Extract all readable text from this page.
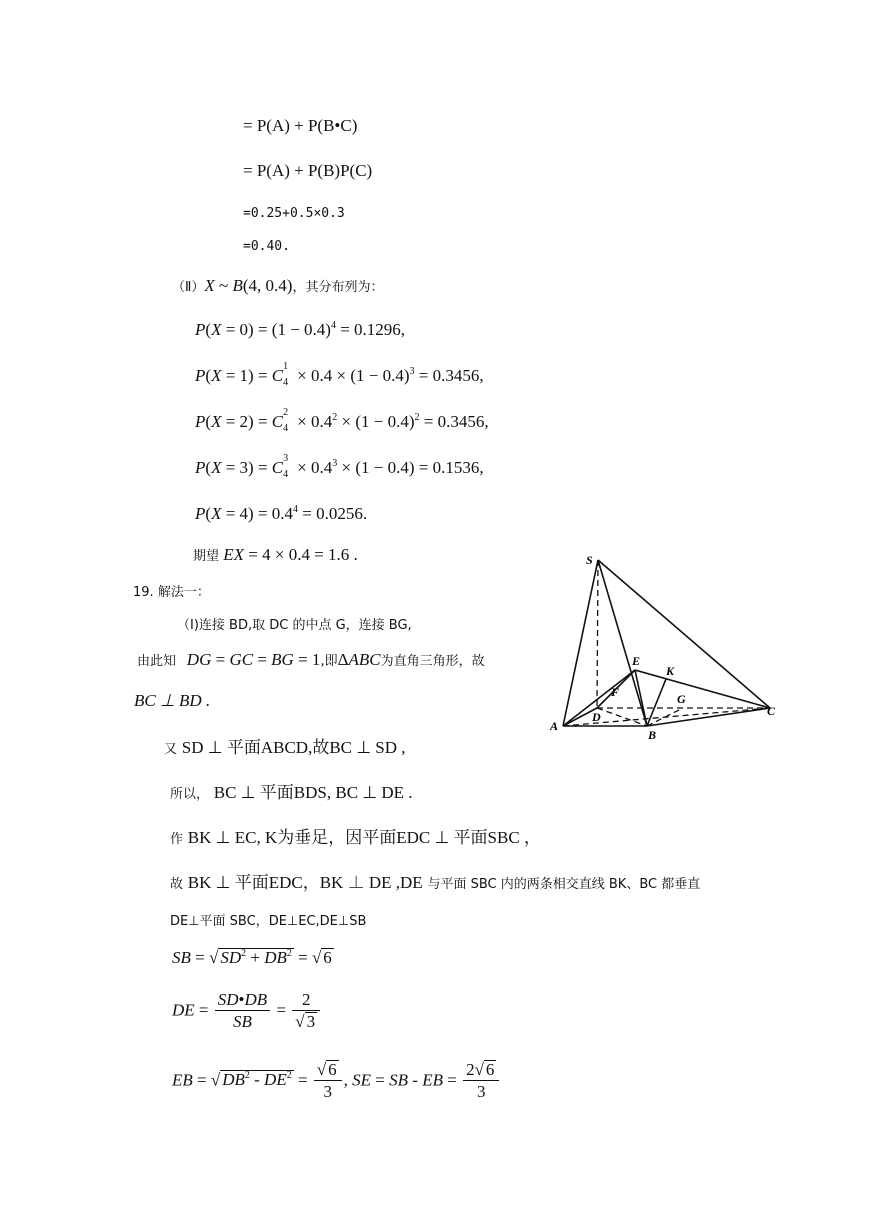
= P(A) + P(B•C)
= P(A) + P(B)P(C)
=0.25+0.5×0.3
=0.40.
（Ⅱ）X ~ B(4, 0.4)，其分布列为：
$P(X = 0) = (1 - 0.4)^4 = 0.1296$,
P(X = 1) = C 1
$4 \times 0.4 \times (1 - 0.4)^3 = 0.3456$,
P(X = 2) = C 2
$4 \times 0.4^2 \times (1 - 0.4)^2 = 0.3456$,
P(X = 3) = C 3
$4 \times 0.4^3 \times (1 - 0.4) = 0.1536$,
$P(X = 4) = 0.4^4 = 0.0256$.
期望 EX = 4 × 0.4 = 1.6 .
19. 解法一：
（Ⅰ)连接 BD,取 DC 的中点 G，连接 BG,
由此知 DG = GC = BG = 1,即ΔABC为直角三角形，故
BC ⊥ BD .
又 SD ⊥ 平面ABCD,故BC ⊥ SD ,
所以， BC ⊥ 平面BDS, BC ⊥ DE .
作 BK ⊥ EC, K为垂足，因平面EDC ⊥ 平面SBC ，
故 BK ⊥ 平面EDC，BK ⊥ DE ,DE 与平面 SBC 内的两条相交直线 BK、BC 都垂直
DE⊥平面 SBC，DE⊥EC,DE⊥SB
SB = √ $SD^2 + DB^2$ = √ 6
DE = $\frac{SD•DB}{SB} = \frac{2}{√ 3}$
EB = √ $DB^2 - DE^2 = \frac{√ 6}{3}$ , SE = SB - EB = $\frac{2√ 6}{3}$
S
E
K
F	G
D
A
B
C
